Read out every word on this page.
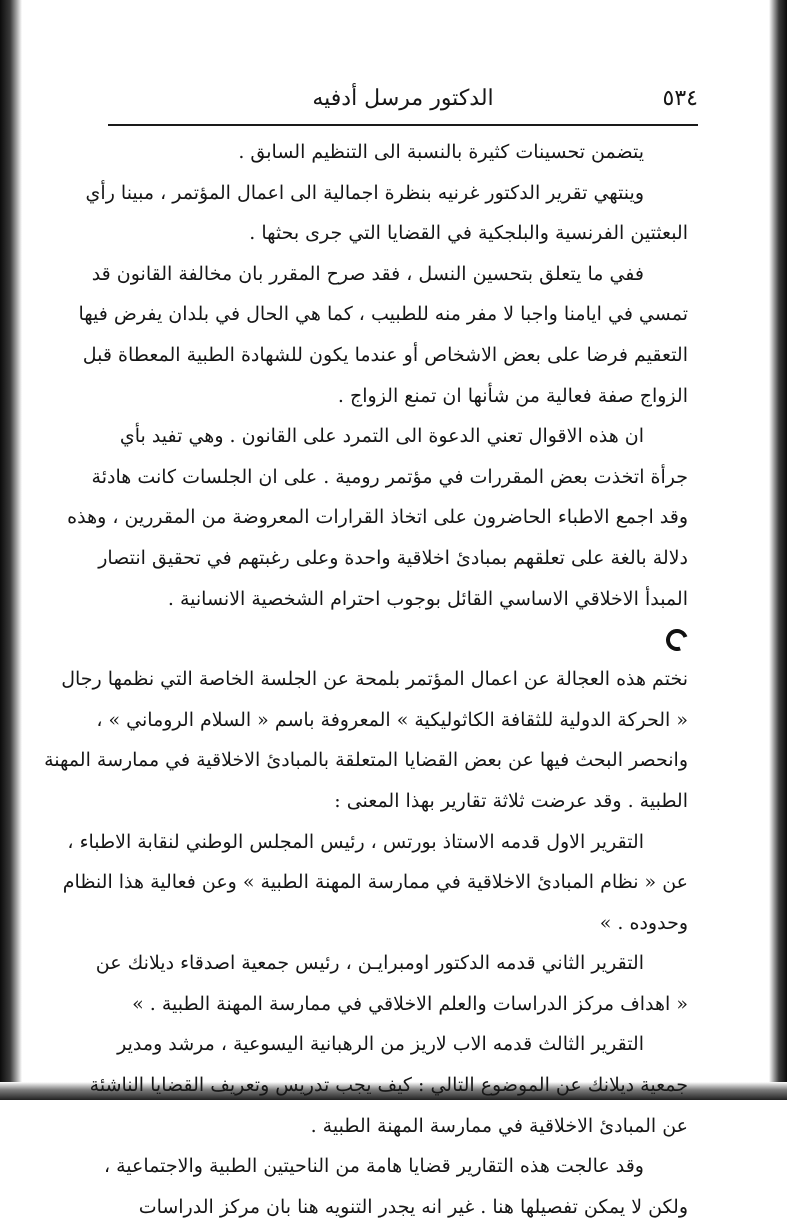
٥٣٤
الدكتور مرسل أدفيه
يتضمن تحسينات كثيرة بالنسبة الى التنظيم السابق .
وينتهي تقرير الدكتور غرنيه بنظرة اجمالية الى اعمال المؤتمر ، مبينا رأي
البعثتين الفرنسية والبلجكية في القضايا التي جرى بحثها .
ففي ما يتعلق بتحسين النسل ، فقد صرح المقرر بان مخالفة القانون قد
تمسي في ايامنا واجبا لا مفر منه للطبيب ، كما هي الحال في بلدان يفرض فيها
التعقيم فرضا على بعض الاشخاص أو عندما يكون للشهادة الطبية المعطاة قبل
الزواج صفة فعالية من شأنها ان تمنع الزواج .
ان هذه الاقوال تعني الدعوة الى التمرد على القانون . وهي تفيد بأي
جرأة اتخذت بعض المقررات في مؤتمر رومية . على ان الجلسات كانت هادئة
وقد اجمع الاطباء الحاضرون على اتخاذ القرارات المعروضة من المقررين ، وهذه
دلالة بالغة على تعلقهم بمبادئ اخلاقية واحدة وعلى رغبتهم في تحقيق انتصار
المبدأ الاخلاقي الاساسي القائل بوجوب احترام الشخصية الانسانية .
نختم هذه العجالة عن اعمال المؤتمر بلمحة عن الجلسة الخاصة التي نظمها رجال
« الحركة الدولية للثقافة الكاثوليكية » المعروفة باسم « السلام الروماني » ،
وانحصر البحث فيها عن بعض القضايا المتعلقة بالمبادئ الاخلاقية في ممارسة المهنة
الطبية . وقد عرضت ثلاثة تقارير بهذا المعنى :
التقرير الاول قدمه الاستاذ بورتس ، رئيس المجلس الوطني لنقابة الاطباء ،
عن « نظام المبادئ الاخلاقية في ممارسة المهنة الطبية » وعن فعالية هذا النظام
وحدوده . »
التقرير الثاني قدمه الدكتور اومبرايـن ، رئيس جمعية اصدقاء ديلانك عن
« اهداف مركز الدراسات والعلم الاخلاقي في ممارسة المهنة الطبية . »
التقرير الثالث قدمه الاب لاريز من الرهبانية اليسوعية ، مرشد ومدير
جمعية ديلانك عن الموضوع التالي : كيف يجب تدريس وتعريف القضايا الناشئة
عن المبادئ الاخلاقية في ممارسة المهنة الطبية .
وقد عالجت هذه التقارير قضايا هامة من الناحيتين الطبية والاجتماعية ،
ولكن لا يمكن تفصيلها هنا . غير انه يجدر التنويه هنا بان مركز الدراسات
